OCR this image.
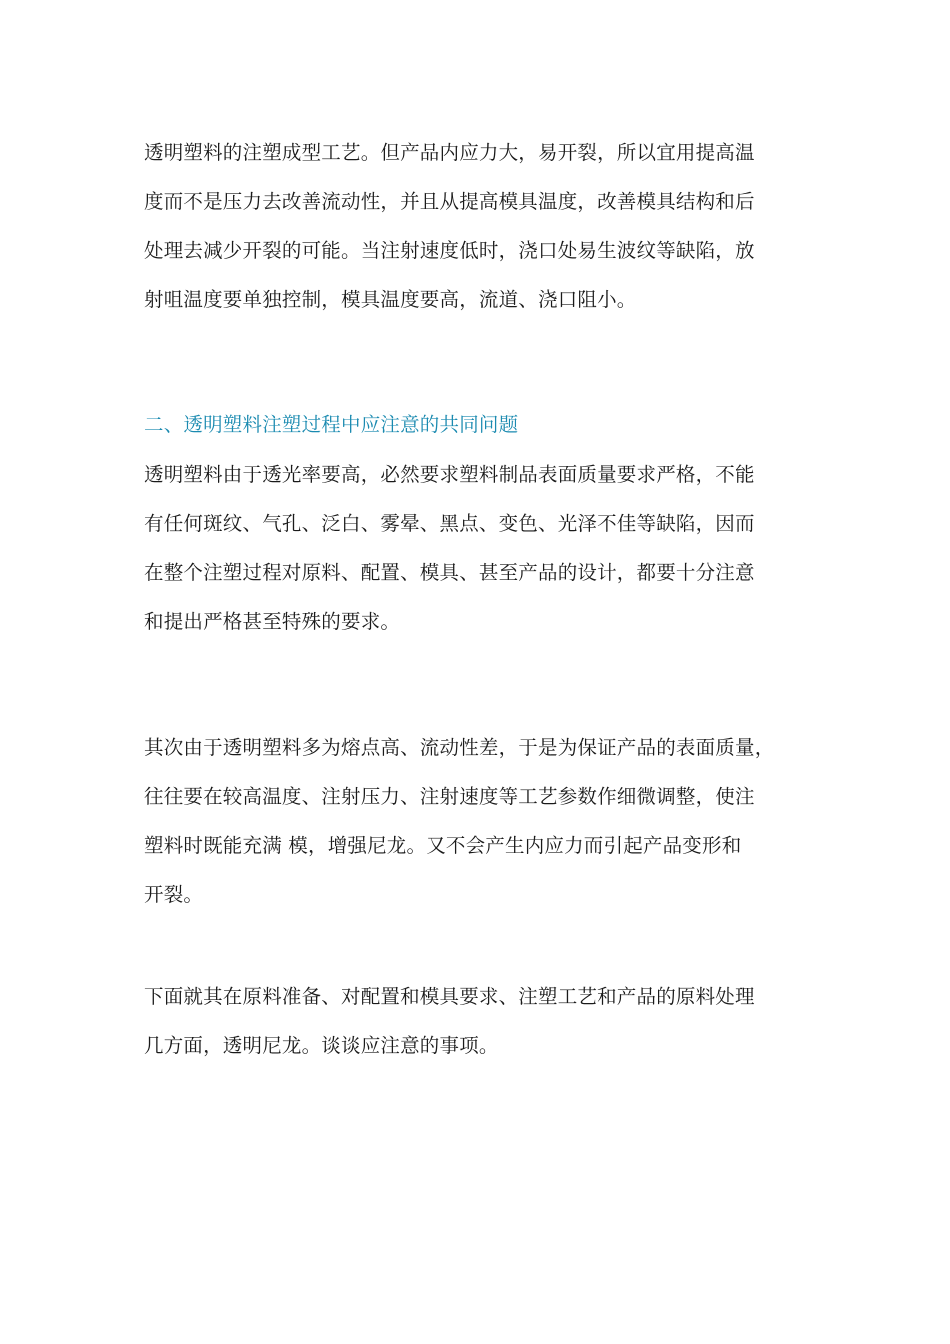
透明塑料的注塑成型工艺。但产品内应力大，易开裂，所以宜用提高温
度而不是压力去改善流动性，并且从提高模具温度，改善模具结构和后
处理去减少开裂的可能。当注射速度低时，浇口处易生波纹等缺陷，放
射咀温度要单独控制，模具温度要高，流道、浇口阻小。

二、透明塑料注塑过程中应注意的共同问题

透明塑料由于透光率要高，必然要求塑料制品表面质量要求严格，不能
有任何斑纹、气孔、泛白、雾晕、黑点、变色、光泽不佳等缺陷，因而
在整个注塑过程对原料、配置、模具、甚至产品的设计，都要十分注意
和提出严格甚至特殊的要求。

其次由于透明塑料多为熔点高、流动性差，于是为保证产品的表面质量，
往往要在较高温度、注射压力、注射速度等工艺参数作细微调整，使注
塑料时既能充满 模，增强尼龙。又不会产生内应力而引起产品变形和
开裂。

下面就其在原料准备、对配置和模具要求、注塑工艺和产品的原料处理
几方面，透明尼龙。谈谈应注意的事项。
